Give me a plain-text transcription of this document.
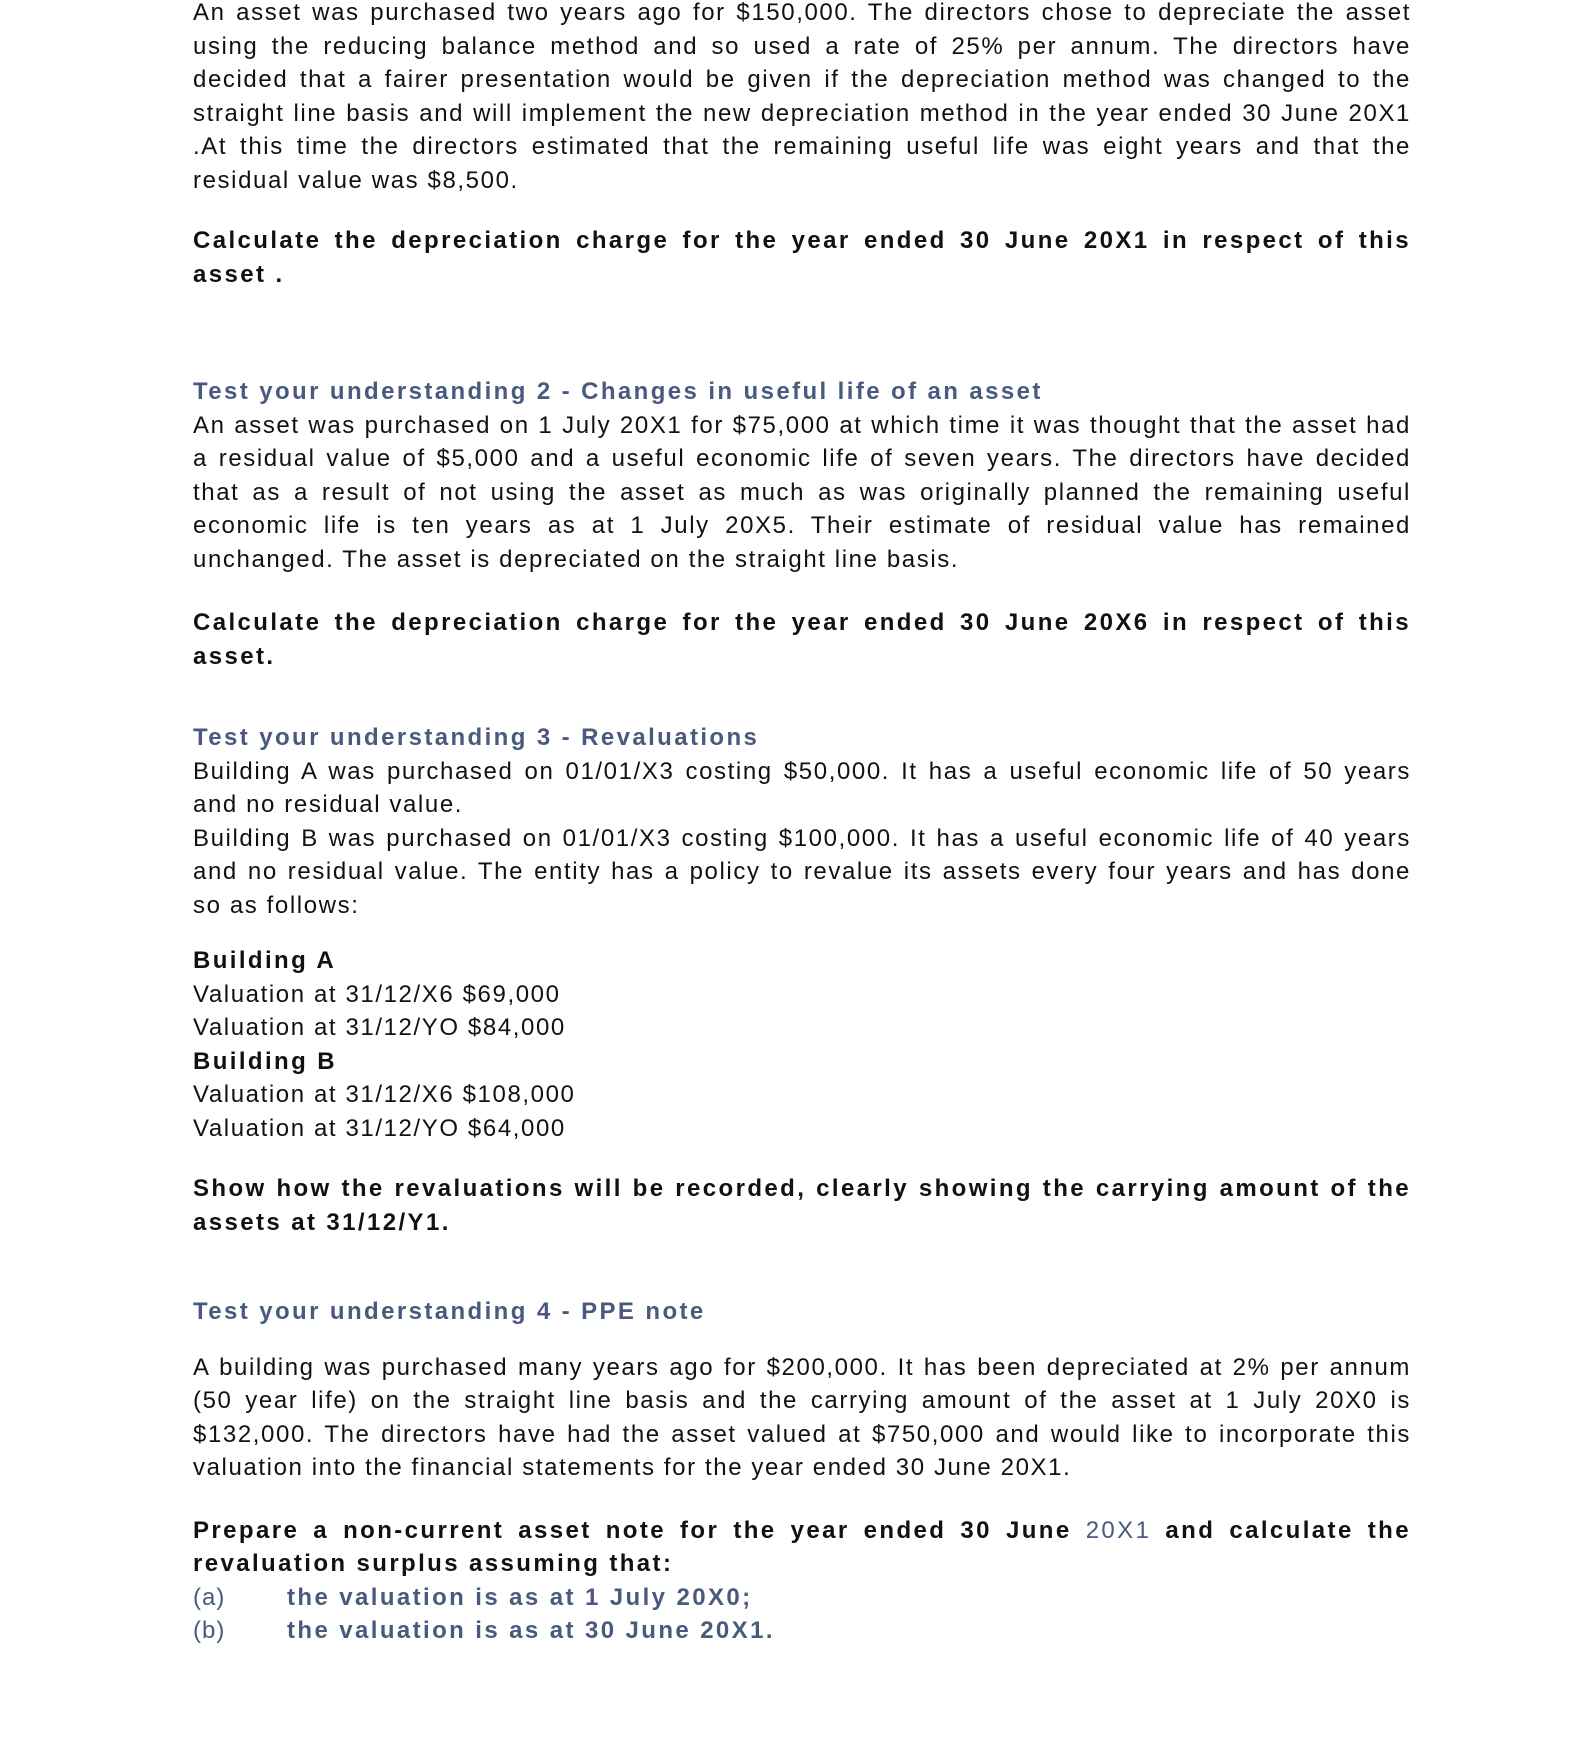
An asset was purchased two years ago for $150,000. The directors chose to depreciate the asset using the reducing balance method and so used a rate of 25% per annum. The directors have decided that a fairer presentation would be given if the depreciation method was changed to the straight line basis and will implement the new depreciation method in the year ended 30 June 20X1 .At this time the directors estimated that the remaining useful life was eight years and that the residual value was $8,500.

Calculate the depreciation charge for the year ended 30 June 20X1 in respect of this asset .

Test your understanding 2 - Changes in useful life of an asset

An asset was purchased on 1 July 20X1 for $75,000 at which time it was thought that the asset had a residual value of $5,000 and a useful economic life of seven years. The directors have decided that as a result of not using the asset as much as was originally planned the remaining useful economic life is ten years as at 1 July 20X5. Their estimate of residual value has remained unchanged. The asset is depreciated on the straight line basis.

Calculate the depreciation charge for the year ended 30 June 20X6 in respect of this asset.

Test your understanding 3 - Revaluations

Building A was purchased on 01/01/X3 costing $50,000. It has a useful economic life of 50 years and no residual value.

Building B was purchased on 01/01/X3 costing $100,000. It has a useful economic life of 40 years and no residual value. The entity has a policy to revalue its assets every four years and has done so as follows:

Building A

Valuation at 31/12/X6 $69,000

Valuation at 31/12/YO $84,000

Building B

Valuation at 31/12/X6 $108,000

Valuation at 31/12/YO $64,000

Show how the revaluations will be recorded, clearly showing the carrying amount of the assets at 31/12/Y1.

Test your understanding 4 - PPE note

A building was purchased many years ago for $200,000. It has been depreciated at 2% per annum (50 year life) on the straight line basis and the carrying amount of the asset at 1 July 20X0 is $132,000. The directors have had the asset valued at $750,000 and would like to incorporate this valuation into the financial statements for the year ended 30 June 20X1.

Prepare a non-current asset note for the year ended 30 June 20X1 and calculate the revaluation surplus assuming that:

(a)	the valuation is as at 1 July 20X0;
(b)	the valuation is as at 30 June 20X1.
